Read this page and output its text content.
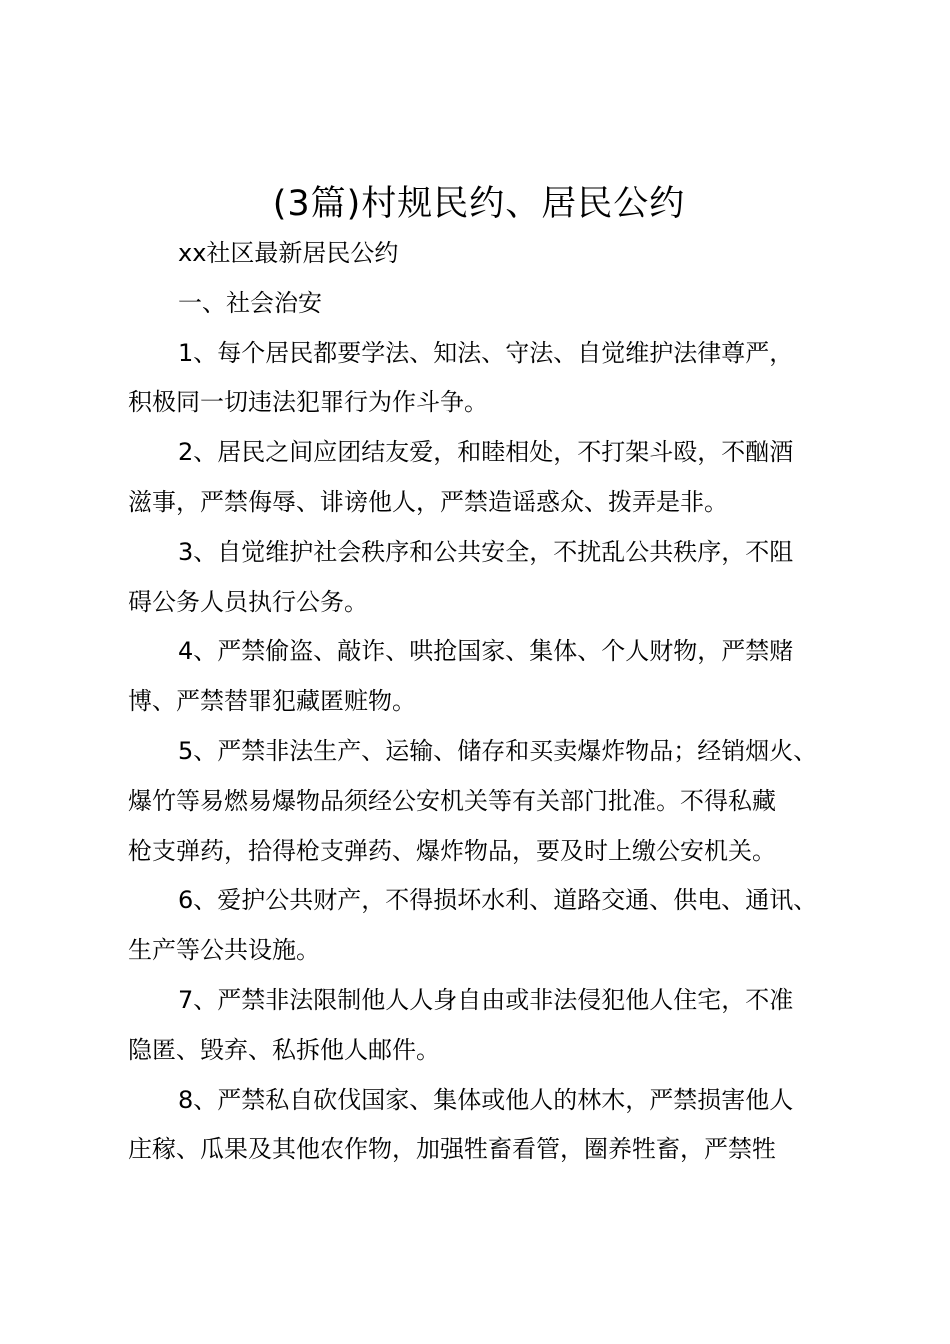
(3篇)村规民约、居民公约
xx社区最新居民公约
一、社会治安
1、每个居民都要学法、知法、守法、自觉维护法律尊严，
积极同一切违法犯罪行为作斗争。
2、居民之间应团结友爱，和睦相处，不打架斗殴，不酗酒
滋事，严禁侮辱、诽谤他人，严禁造谣惑众、拨弄是非。
3、自觉维护社会秩序和公共安全，不扰乱公共秩序，不阻
碍公务人员执行公务。
4、严禁偷盗、敲诈、哄抢国家、集体、个人财物，严禁赌
博、严禁替罪犯藏匿赃物。
5、严禁非法生产、运输、储存和买卖爆炸物品；经销烟火、
爆竹等易燃易爆物品须经公安机关等有关部门批准。不得私藏
枪支弹药，拾得枪支弹药、爆炸物品，要及时上缴公安机关。
6、爱护公共财产，不得损坏水利、道路交通、供电、通讯、
生产等公共设施。
7、严禁非法限制他人人身自由或非法侵犯他人住宅，不准
隐匿、毁弃、私拆他人邮件。
8、严禁私自砍伐国家、集体或他人的林木，严禁损害他人
庄稼、瓜果及其他农作物，加强牲畜看管，圈养牲畜，严禁牲
